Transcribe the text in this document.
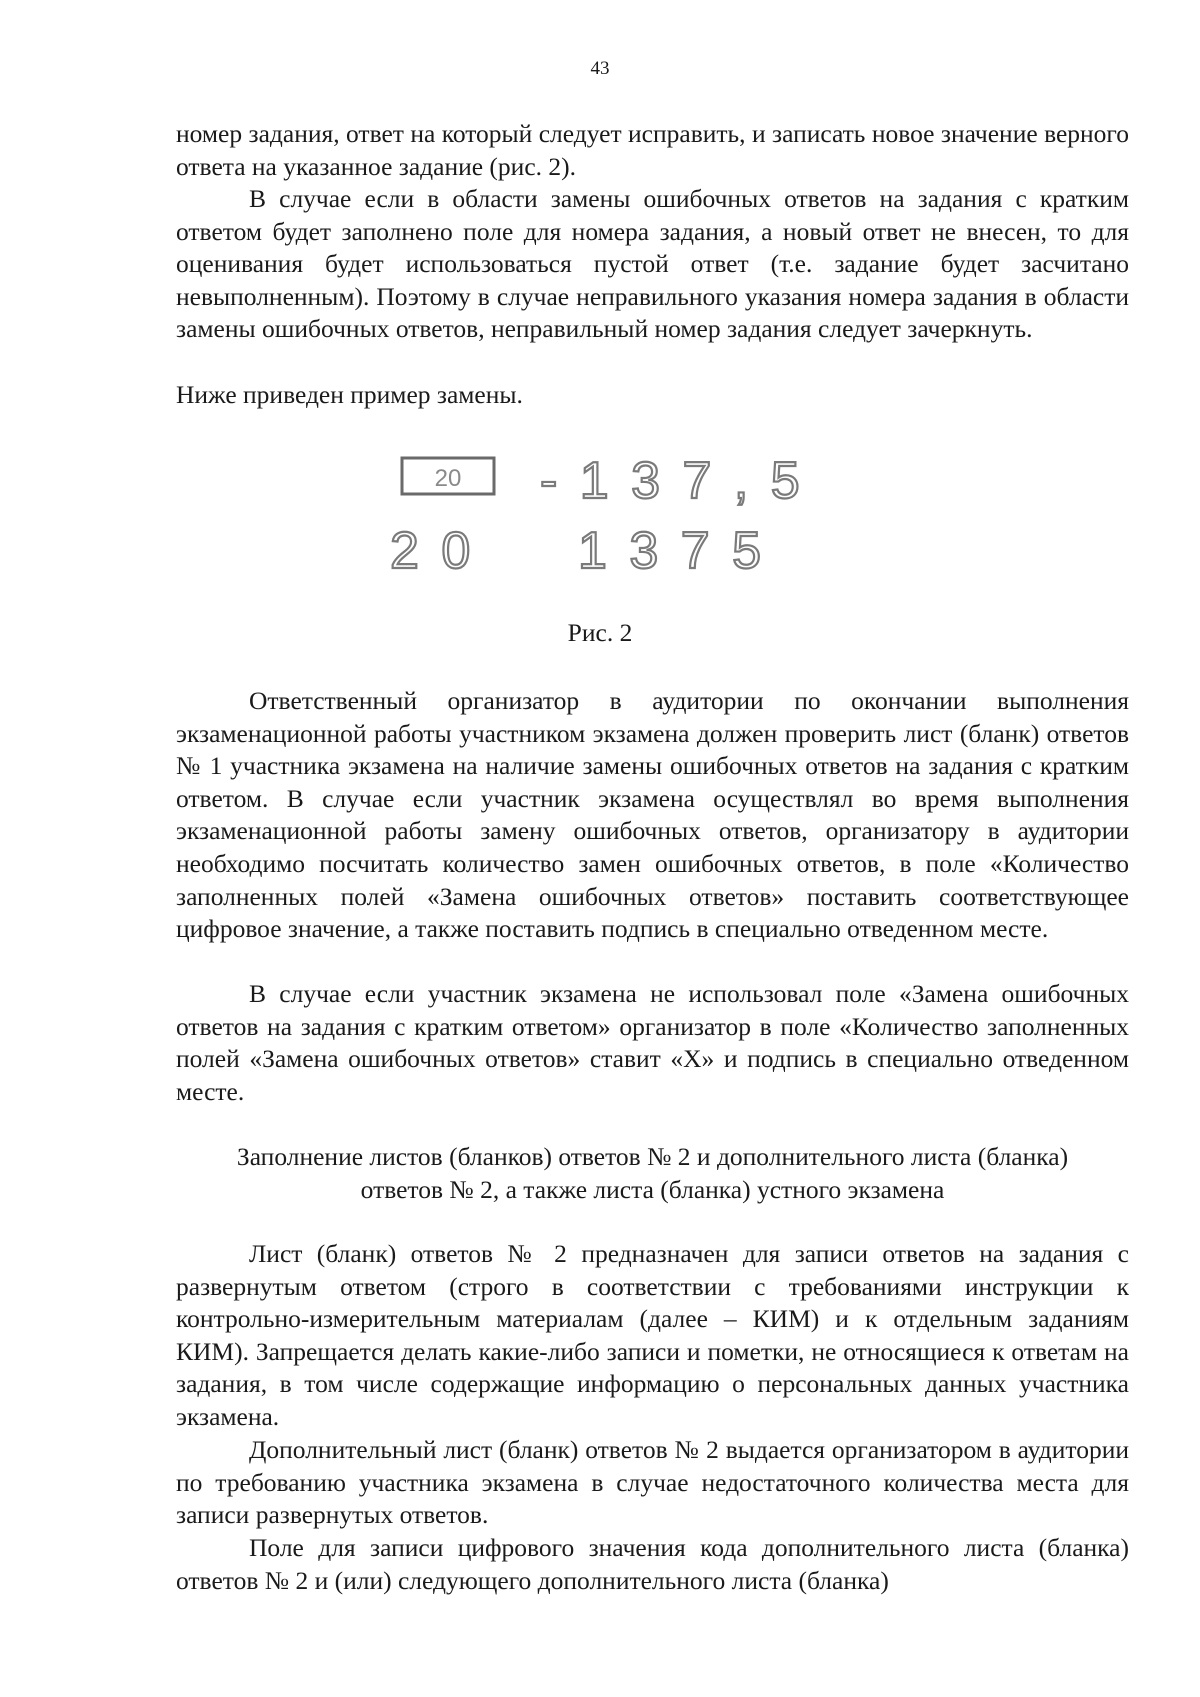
43

номер задания, ответ на который следует исправить, и записать новое значение верного ответа на указанное задание (рис. 2).

В случае если в области замены ошибочных ответов на задания с кратким ответом будет заполнено поле для номера задания, а новый ответ не внесен, то для оценивания будет использоваться пустой ответ (т.е. задание будет засчитано невыполненным). Поэтому в случае неправильного указания номера задания в области замены ошибочных ответов, неправильный номер задания следует зачеркнуть.

Ниже приведен пример замены.

20 - 1 3 7 , 5
2 0 1 3 7 5
Рис. 2

Ответственный организатор в аудитории по окончании выполнения экзаменационной работы участником экзамена должен проверить лист (бланк) ответов № 1 участника экзамена на наличие замены ошибочных ответов на задания с кратким ответом. В случае если участник экзамена осуществлял во время выполнения экзаменационной работы замену ошибочных ответов, организатору в аудитории необходимо посчитать количество замен ошибочных ответов, в поле «Количество заполненных полей «Замена ошибочных ответов» поставить соответствующее цифровое значение, а также поставить подпись в специально отведенном месте.

В случае если участник экзамена не использовал поле «Замена ошибочных ответов на задания с кратким ответом» организатор в поле «Количество заполненных полей «Замена ошибочных ответов» ставит «X» и подпись в специально отведенном месте.

Заполнение листов (бланков) ответов № 2 и дополнительного листа (бланка) ответов № 2, а также листа (бланка) устного экзамена

Лист (бланк) ответов № 2 предназначен для записи ответов на задания с развернутым ответом (строго в соответствии с требованиями инструкции к контрольно-измерительным материалам (далее – КИМ) и к отдельным заданиям КИМ). Запрещается делать какие-либо записи и пометки, не относящиеся к ответам на задания, в том числе содержащие информацию о персональных данных участника экзамена.

Дополнительный лист (бланк) ответов № 2 выдается организатором в аудитории по требованию участника экзамена в случае недостаточного количества места для записи развернутых ответов.

Поле для записи цифрового значения кода дополнительного листа (бланка) ответов № 2 и (или) следующего дополнительного листа (бланка)
